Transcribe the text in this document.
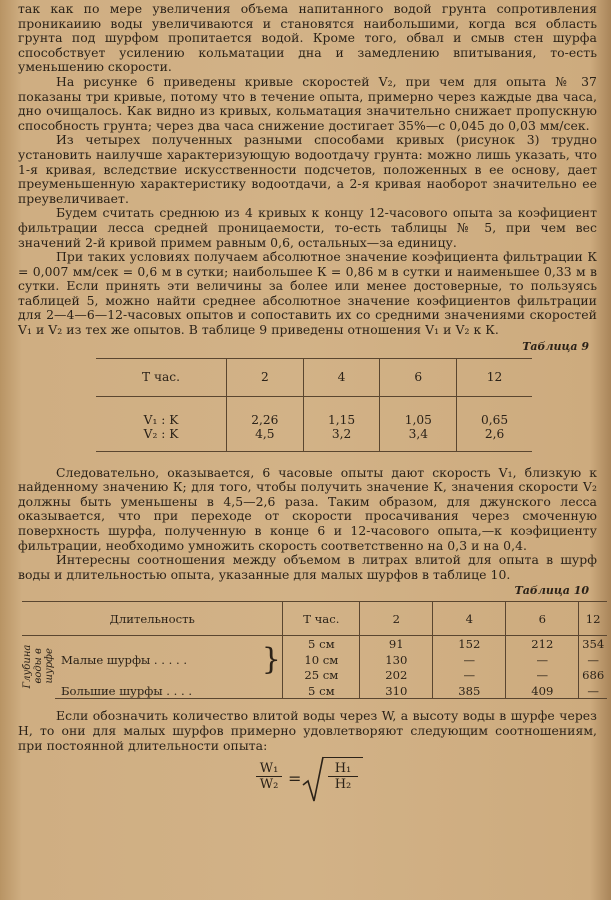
так как по мере увеличения объема напитанного водой грунта сопротивления проникаиию воды увеличиваются и становятся наибольшими, когда вся область грунта под шурфом пропитается водой. Кроме того, обвал и смыв стен шурфа способствует усилению кольматации дна и замедлению впитывания, то-есть уменьшению скорости.

На рисунке 6 приведены кривые скоростей V₂, при чем для опыта № 37 показаны три кривые, потому что в течение опыта, примерно через каждые два часа, дно очищалось. Как видно из кривых, кольматация значительно снижает пропускную способность грунта; через два часа снижение достигает 35%—с 0,045 до 0,03 мм/сек.

Из четырех полученных разными способами кривых (рисунок 3) трудно установить наилучше характеризующую водоотдачу грунта: можно лишь указать, что 1-я кривая, вследствие искусственности подсчетов, положенных в ее основу, дает преуменьшенную характеристику водоотдачи, а 2-я кривая наоборот значительно ее преувеличивает.

Будем считать среднюю из 4 кривых к концу 12-часового опыта за коэфициент фильтрации лесса средней проницаемости, то-есть таблицы № 5, при чем вес значений 2-й кривой примем равным 0,6, остальных—за единицу.

При таких условиях получаем абсолютное значение коэфициента фильтрации К = 0,007 мм/сек = 0,6 м в сутки; наибольшее К = 0,86 м в сутки и наименьшее 0,33 м в сутки. Если принять эти величины за более или менее достоверные, то пользуясь таблицей 5, можно найти среднее абсолютное значение коэфициентов фильтрации для 2—4—6—12-часовых опытов и сопоставить их со средними значениями скоростей V₁ и V₂ из тех же опытов. В таблице 9 приведены отношения V₁ и V₂ к К.

Таблица 9
T час.	2	4	6	12
V₁ : K	2,26	1,15	1,05	0,65
V₂ : K	4,5	3,2	3,4	2,6

Следовательно, оказывается, 6 часовые опыты дают скорость V₁, близкую к найденному значению К; для того, чтобы получить значение К, значения скорости V₂ должны быть уменьшены в 4,5—2,6 раза. Таким образом, для джунского лесса оказывается, что при переходе от скорости просачивания через смоченную поверхность шурфа, полученную в конце 6 и 12-часового опыта,—к коэфициенту фильтрации, необходимо умножить скорость соответственно на 0,3 и на 0,4.

Интересны соотношения между объемом в литрах влитой для опыта в шурф воды и длительностью опыта, указанные для малых шурфов в таблице 10.

Таблица 10
Длительность			T час.	2	4	6	12
Глубина воды в шурфе	Малые шурфы . . . . .	}	5 см	91	152	212	354
			10 см	130	—	—	—
			25 см	202	—	—	686
	Большие шурфы . . . .		5 см	310	385	409	—

Если обозначить количество влитой воды через W, а высоту воды в шурфе через H, то они для малых шурфов примерно удовлетворяют следующим соотношениям, при постоянной длительности опыта:

$\frac{\text{W₁}}{\text{W₂}} = \frac{\text{H₁}}{\text{H₂}}$
